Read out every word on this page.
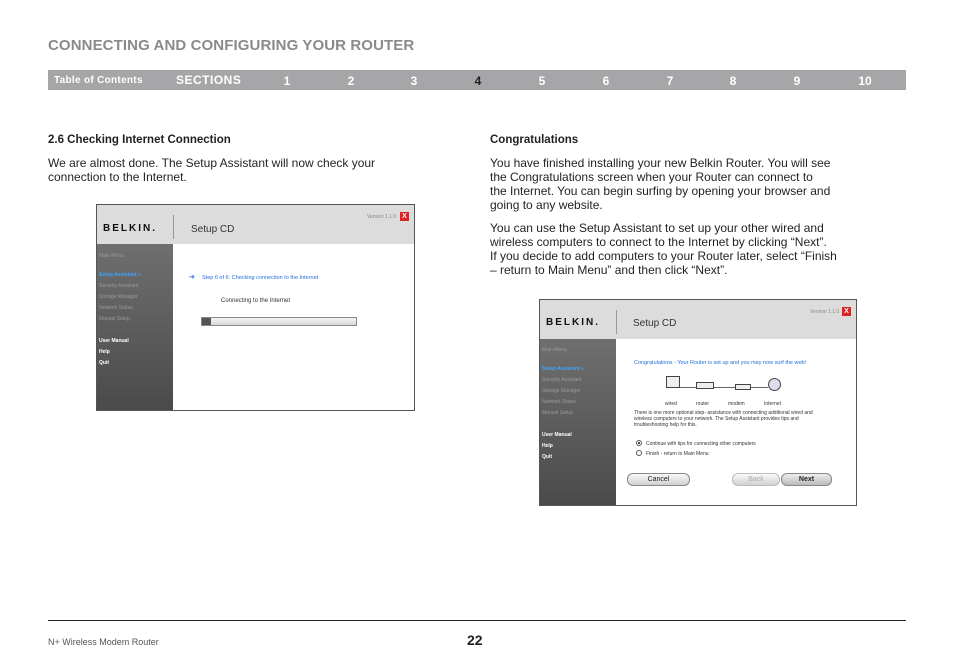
CONNECTING AND CONFIGURING YOUR ROUTER
Table of Contents	SECTIONS	1	2	3	4	5	6	7	8	9	10
2.6 Checking Internet Connection
We are almost done. The Setup Assistant will now check your
connection to the Internet.
BELKIN.	Setup CD
Version 1.1.0 X
Main Menu
Setup Assistant »
Security Assistant
Storage Manager
Network Status
Manual Setup
User Manual
Help
Quit
➔ Step 6 of 6: Checking connection to the Internet
Connecting to the Internet
Congratulations
You have finished installing your new Belkin Router. You will see
the Congratulations screen when your Router can connect to
the Internet. You can begin surfing by opening your browser and
going to any website.
You can use the Setup Assistant to set up your other wired and
wireless computers to connect to the Internet by clicking “Next”.
If you decide to add computers to your Router later, select “Finish
– return to Main Menu” and then click “Next”.
BELKIN.	Setup CD
Version 1.1.0 X
Main Menu
Setup Assistant »
Security Assistant
Storage Manager
Network Status
Manual Setup
User Manual
Help
Quit
Congratulations - Your Router is set up and you may now surf the web!
wired	router	modem	Internet
There is one more optional step- assistance with connecting additional wired and
wireless computers to your network. The Setup Assistant provides tips and
troubleshooting help for this.
Continue with tips for connecting other computers
Finish - return to Main Menu
Cancel	Back	Next
N+ Wireless Modem Router	22
